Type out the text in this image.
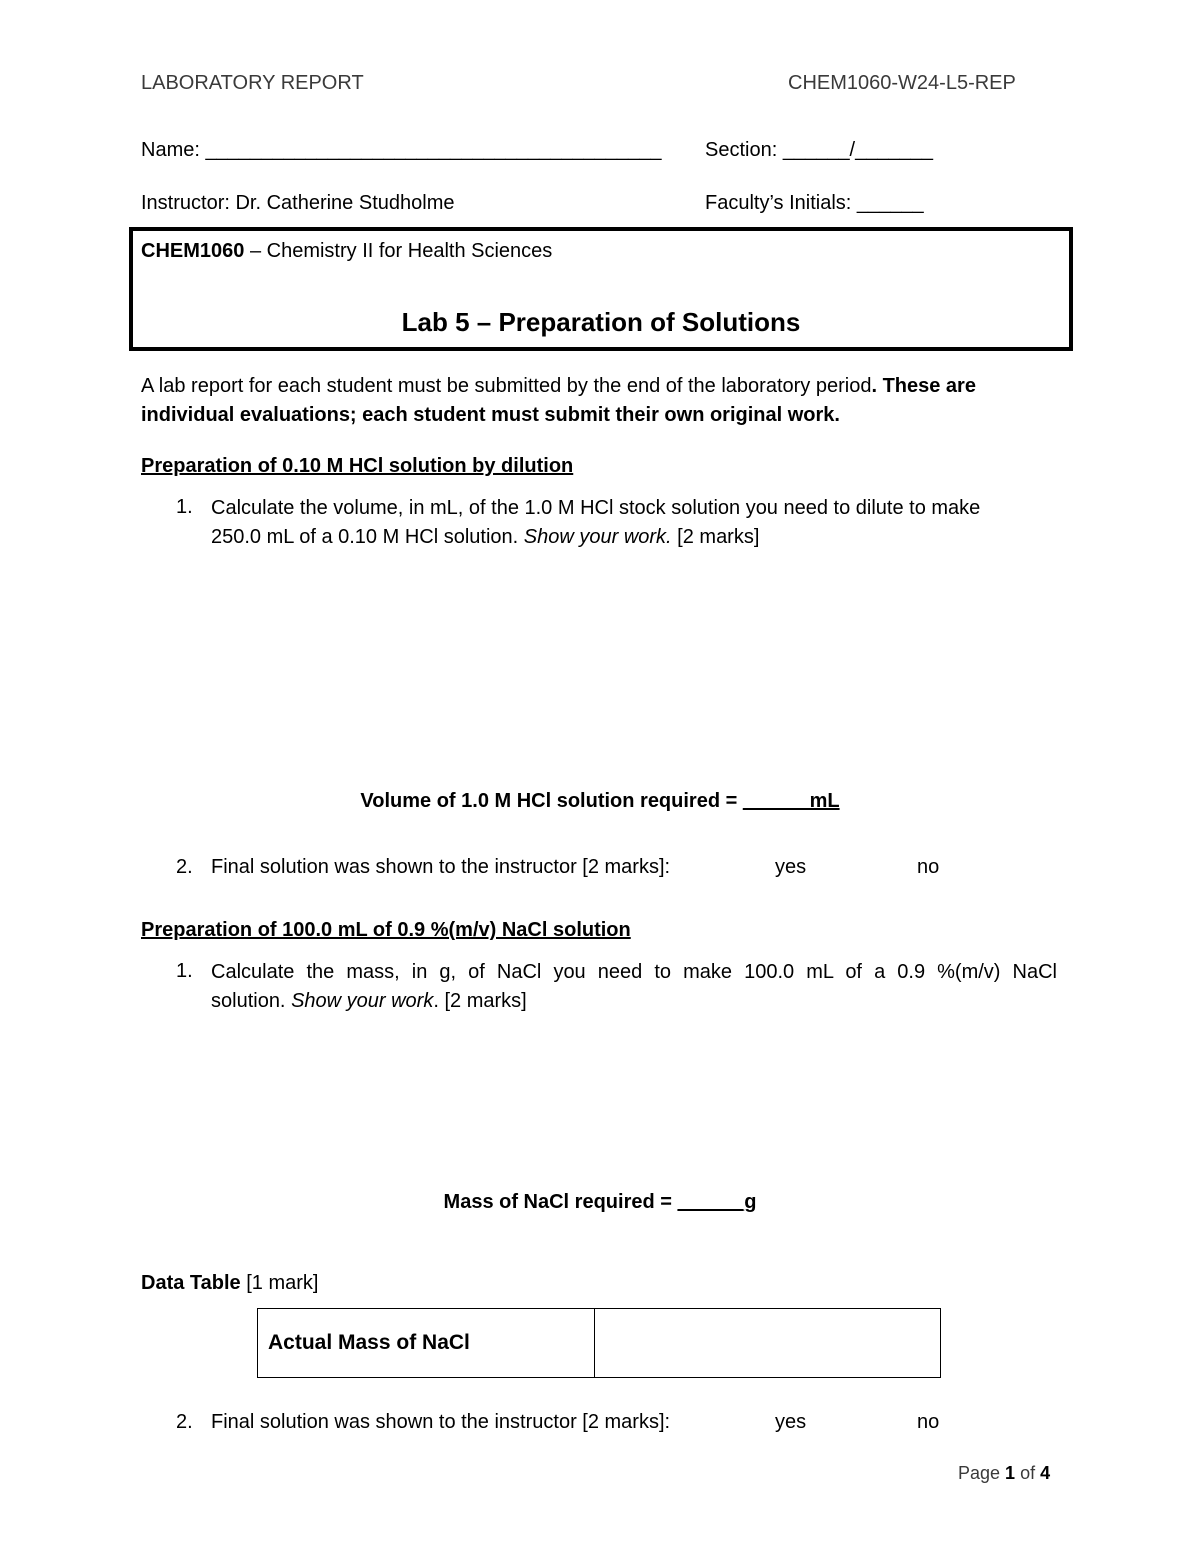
LABORATORY REPORT	CHEM1060-W24-L5-REP
Name: _________________________________________ Section: ______/_______
Instructor: Dr. Catherine Studholme	Faculty’s Initials: ______
CHEM1060 – Chemistry II for Health Sciences
Lab 5 – Preparation of Solutions
A lab report for each student must be submitted by the end of the laboratory period. These are
individual evaluations; each student must submit their own original work.
Preparation of 0.10 M HCl solution by dilution
1. Calculate the volume, in mL, of the 1.0 M HCl stock solution you need to dilute to make
250.0 mL of a 0.10 M HCl solution. Show your work. [2 marks]
Volume of 1.0 M HCl solution required = ______mL
2. Final solution was shown to the instructor [2 marks]:	yes	no
Preparation of 100.0 mL of 0.9 %(m/v) NaCl solution
1. Calculate the mass, in g, of NaCl you need to make 100.0 mL of a 0.9 %(m/v) NaCl
solution. Show your work. [2 marks]
Mass of NaCl required = ______g
Data Table [1 mark]
Actual Mass of NaCl	
2. Final solution was shown to the instructor [2 marks]:	yes	no
Page 1 of 4
